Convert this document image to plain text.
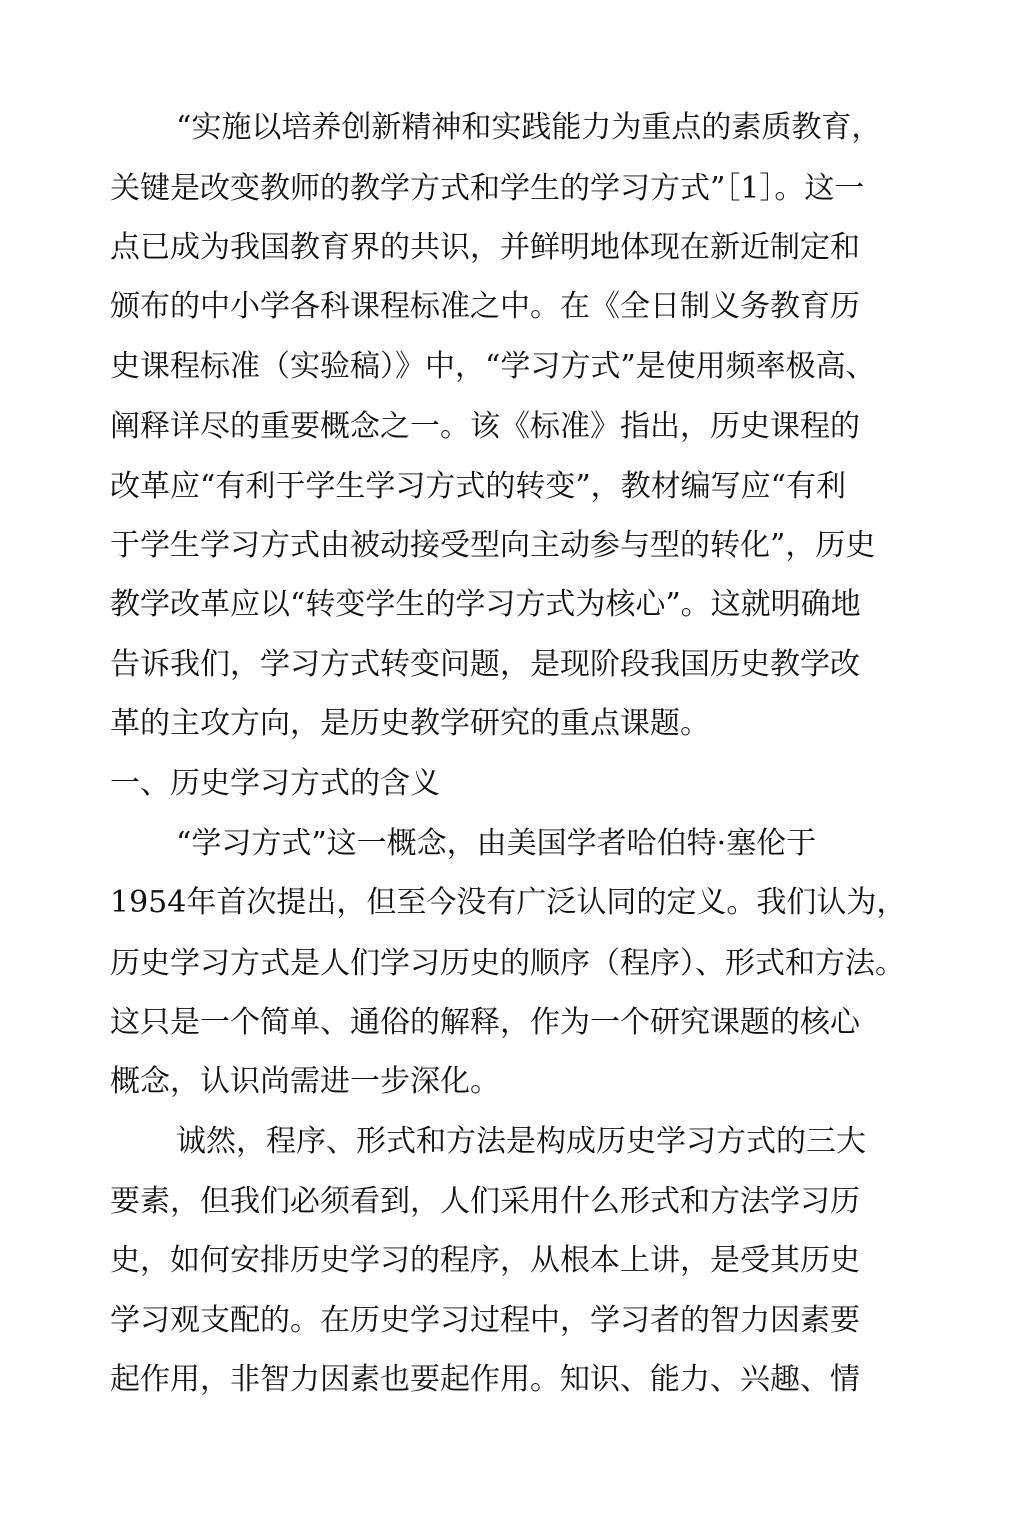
“实施以培养创新精神和实践能力为重点的素质教育，
关键是改变教师的教学方式和学生的学习方式”［1］。这一
点已成为我国教育界的共识，并鲜明地体现在新近制定和
颁布的中小学各科课程标准之中。在《全日制义务教育历
史课程标准（实验稿）》中，“学习方式”是使用频率极高、
阐释详尽的重要概念之一。该《标准》指出，历史课程的
改革应“有利于学生学习方式的转变”，教材编写应“有利
于学生学习方式由被动接受型向主动参与型的转化”，历史
教学改革应以“转变学生的学习方式为核心”。这就明确地
告诉我们，学习方式转变问题，是现阶段我国历史教学改
革的主攻方向，是历史教学研究的重点课题。
一、历史学习方式的含义
“学习方式”这一概念，由美国学者哈伯特·塞伦于
1954年首次提出，但至今没有广泛认同的定义。我们认为，
历史学习方式是人们学习历史的顺序（程序）、形式和方法。
这只是一个简单、通俗的解释，作为一个研究课题的核心
概念，认识尚需进一步深化。
诚然，程序、形式和方法是构成历史学习方式的三大
要素，但我们必须看到，人们采用什么形式和方法学习历
史，如何安排历史学习的程序，从根本上讲，是受其历史
学习观支配的。在历史学习过程中，学习者的智力因素要
起作用，非智力因素也要起作用。知识、能力、兴趣、情
